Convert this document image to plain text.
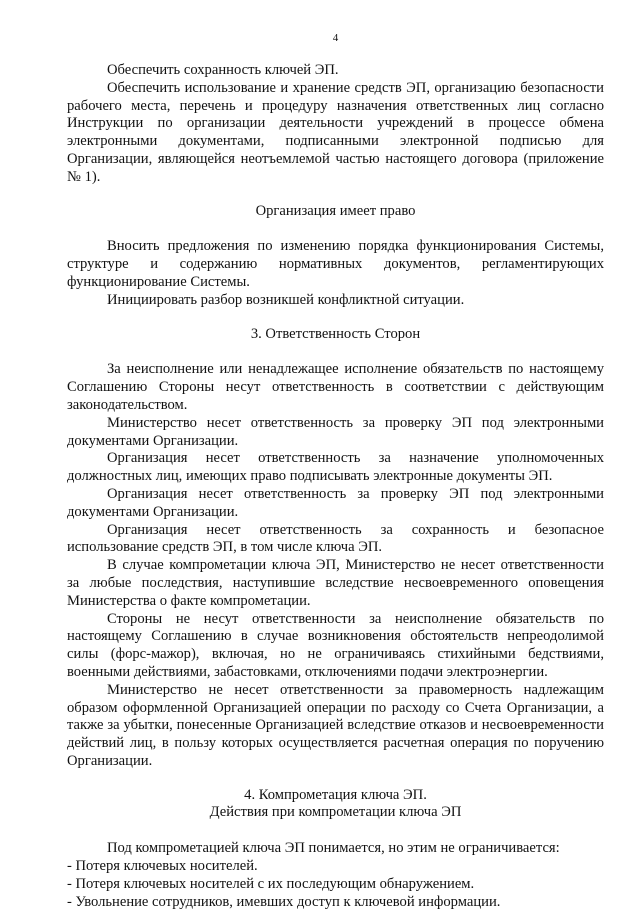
4

Обеспечить сохранность ключей ЭП.

Обеспечить использование и хранение средств ЭП, организацию безопасности рабочего места, перечень и процедуру назначения ответственных лиц согласно Инструкции по организации деятельности учреждений в процессе обмена электронными документами, подписанными электронной подписью для Организации, являющейся неотъемлемой частью настоящего договора (приложение № 1).

Организация имеет право

Вносить предложения по изменению порядка функционирования Системы, структуре и содержанию нормативных документов, регламентирующих функционирование Системы.

Инициировать разбор возникшей конфликтной ситуации.

3. Ответственность Сторон

За неисполнение или ненадлежащее исполнение обязательств по настоящему Соглашению Стороны несут ответственность в соответствии с действующим законодательством.

Министерство несет ответственность за проверку ЭП под электронными документами Организации.

Организация несет ответственность за назначение уполномоченных должностных лиц, имеющих право подписывать электронные документы ЭП.

Организация несет ответственность за проверку ЭП под электронными документами Организации.

Организация несет ответственность за сохранность и безопасное использование средств ЭП, в том числе ключа ЭП.

В случае компрометации ключа ЭП, Министерство не несет ответственности за любые последствия, наступившие вследствие несвоевременного оповещения Министерства о факте компрометации.

Стороны не несут ответственности за неисполнение обязательств по настоящему Соглашению в случае возникновения обстоятельств непреодолимой силы (форс-мажор), включая, но не ограничиваясь стихийными бедствиями, военными действиями, забастовками, отключениями подачи электроэнергии.

Министерство не несет ответственности за правомерность надлежащим образом оформленной Организацией операции по расходу со Счета Организации, а также за убытки, понесенные Организацией вследствие отказов и несвоевременности действий лиц, в пользу которых осуществляется расчетная операция по поручению Организации.

4. Компрометация ключа ЭП.
Действия при компрометации ключа ЭП

Под компрометацией ключа ЭП понимается, но этим не ограничивается:

- Потеря ключевых носителей.

- Потеря ключевых носителей с их последующим обнаружением.

- Увольнение сотрудников, имевших доступ к ключевой информации.
